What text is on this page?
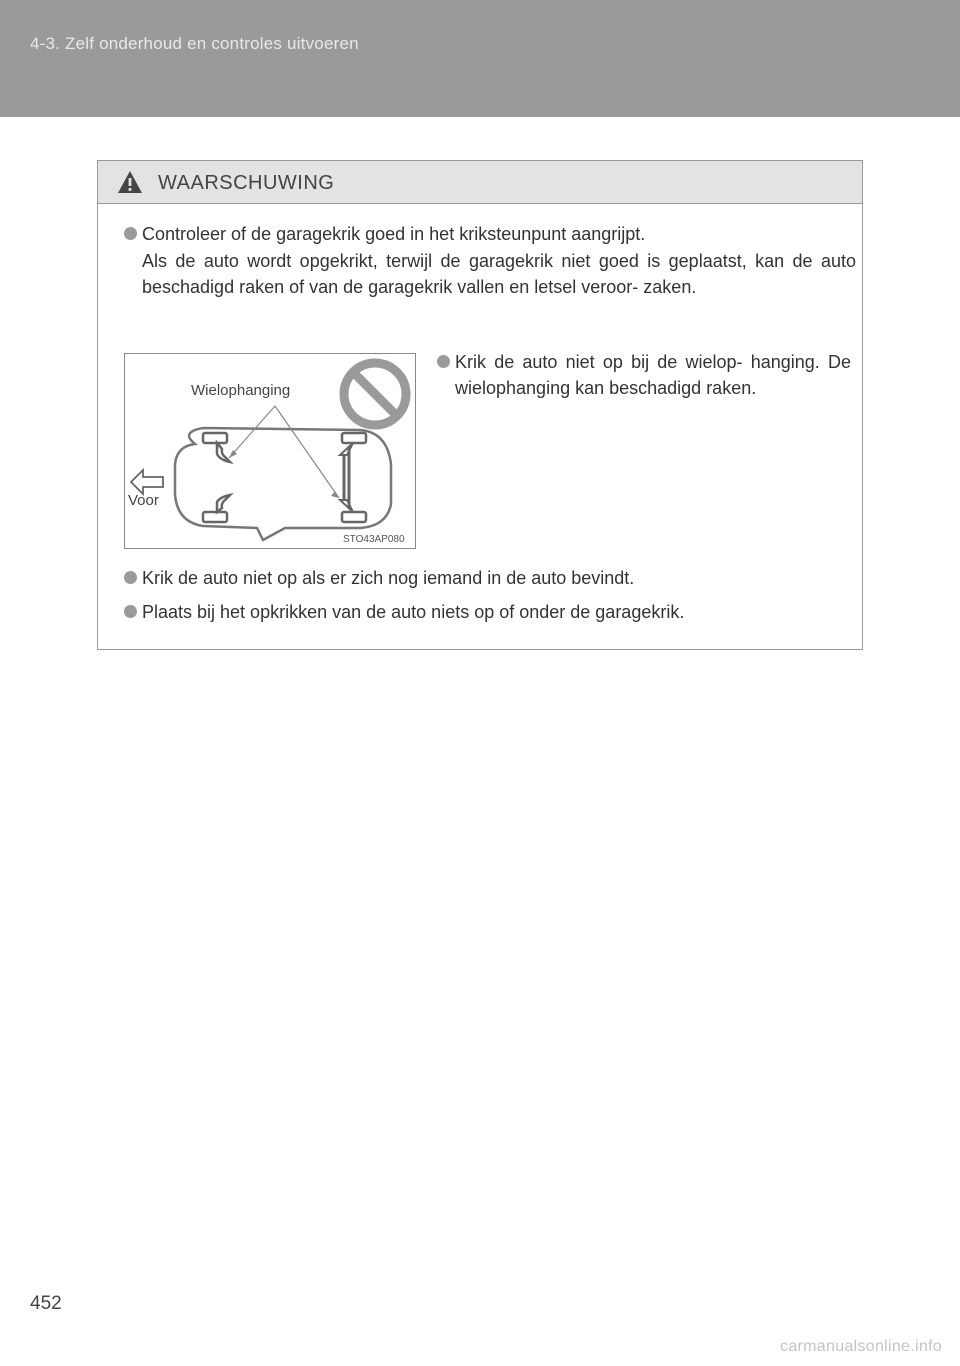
4-3. Zelf onderhoud en controles uitvoeren
WAARSCHUWING
Controleer of de garagekrik goed in het kriksteunpunt aangrijpt.
Als de auto wordt opgekrikt, terwijl de garagekrik niet goed is geplaatst, kan de auto beschadigd raken of van de garagekrik vallen en letsel veroor- zaken.
Wielophanging
Voor
STO43AP080
Krik de auto niet op bij de wielop- hanging. De wielophanging kan beschadigd raken.
Krik de auto niet op als er zich nog iemand in de auto bevindt.
Plaats bij het opkrikken van de auto niets op of onder de garagekrik.
452
carmanualsonline.info
